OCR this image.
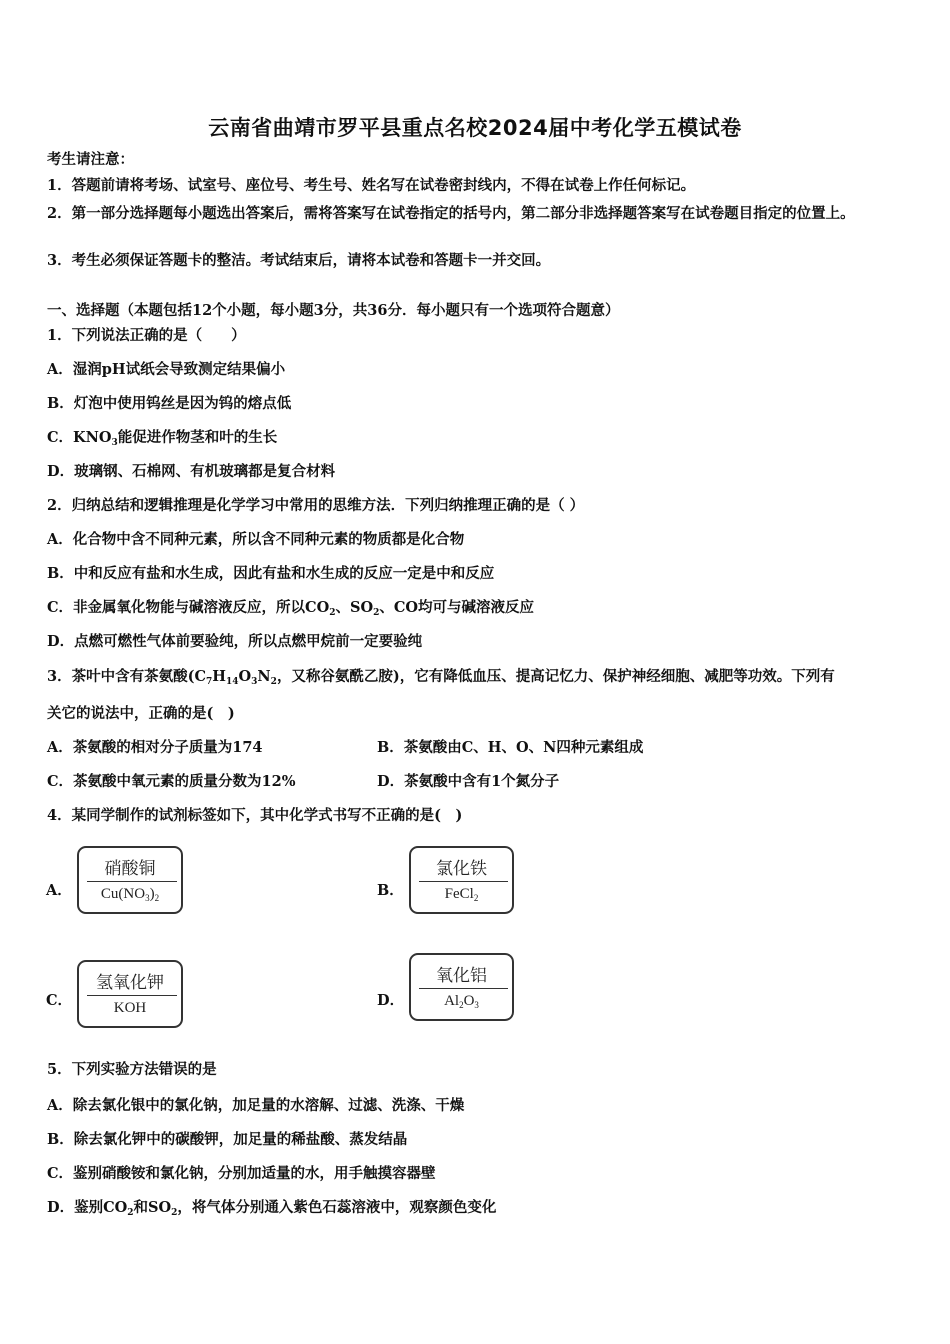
云南省曲靖市罗平县重点名校2024届中考化学五模试卷
考生请注意：
1．答题前请将考场、试室号、座位号、考生号、姓名写在试卷密封线内，不得在试卷上作任何标记。
2．第一部分选择题每小题选出答案后，需将答案写在试卷指定的括号内，第二部分非选择题答案写在试卷题目指定的位置上。
3．考生必须保证答题卡的整洁。考试结束后，请将本试卷和答题卡一并交回。
一、选择题（本题包括12个小题，每小题3分，共36分．每小题只有一个选项符合题意）
1．下列说法正确的是（　　）
A．湿润pH试纸会导致测定结果偏小
B．灯泡中使用钨丝是因为钨的熔点低
C．$KNO_3$能促进作物茎和叶的生长
D．玻璃钢、石棉网、有机玻璃都是复合材料
2．归纳总结和逻辑推理是化学学习中常用的思维方法．下列归纳推理正确的是（ ）
A．化合物中含不同种元素，所以含不同种元素的物质都是化合物
B．中和反应有盐和水生成，因此有盐和水生成的反应一定是中和反应
C．非金属氧化物能与碱溶液反应，所以$CO_2$、$SO_2$、CO均可与碱溶液反应
D．点燃可燃性气体前要验纯，所以点燃甲烷前一定要验纯
3．茶叶中含有茶氨酸($C_7H_{14}O_3N_2$，又称谷氨酰乙胺)，它有降低血压、提高记忆力、保护神经细胞、减肥等功效。下列有
关它的说法中，正确的是(　)
A．茶氨酸的相对分子质量为174	B．茶氨酸由C、H、O、N四种元素组成
C．茶氨酸中氧元素的质量分数为12%	D．茶氨酸中含有1个氮分子
4．某同学制作的试剂标签如下，其中化学式书写不正确的是(　)
A．
硝酸铜
$Cu(NO_3)_2$	B．
氯化铁
FeCl$_2$
C．
氢氧化钾
KOH	D．
氧化铝
$Al_2O_3$
5．下列实验方法错误的是
A．除去氯化银中的氯化钠，加足量的水溶解、过滤、洗涤、干燥
B．除去氯化钾中的碳酸钾，加足量的稀盐酸、蒸发结晶
C．鉴别硝酸铵和氯化钠，分别加适量的水，用手触摸容器壁
D．鉴别$CO_2$和$SO_2$，将气体分别通入紫色石蕊溶液中，观察颜色变化
